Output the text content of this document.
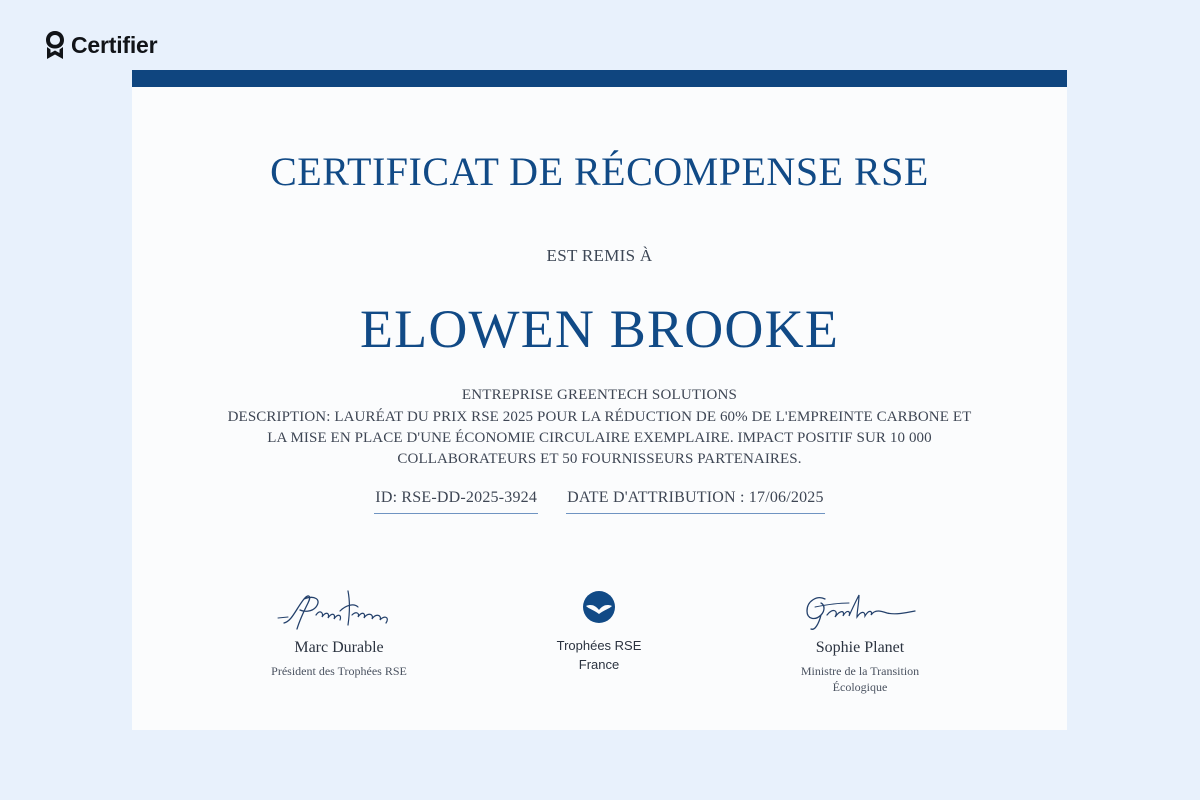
Certifier
CERTIFICAT DE RÉCOMPENSE RSE
EST REMIS À
ELOWEN BROOKE
ENTREPRISE GREENTECH SOLUTIONS
DESCRIPTION: LAURÉAT DU PRIX RSE 2025 POUR LA RÉDUCTION DE 60% DE L'EMPREINTE CARBONE ET LA MISE EN PLACE D'UNE ÉCONOMIE CIRCULAIRE EXEMPLAIRE. IMPACT POSITIF SUR 10 000 COLLABORATEURS ET 50 FOURNISSEURS PARTENAIRES.
ID: RSE-DD-2025-3924 DATE D'ATTRIBUTION : 17/06/2025
Marc Durable
Président des Trophées RSE
Trophées RSE
France
Sophie Planet
Ministre de la Transition
Écologique
